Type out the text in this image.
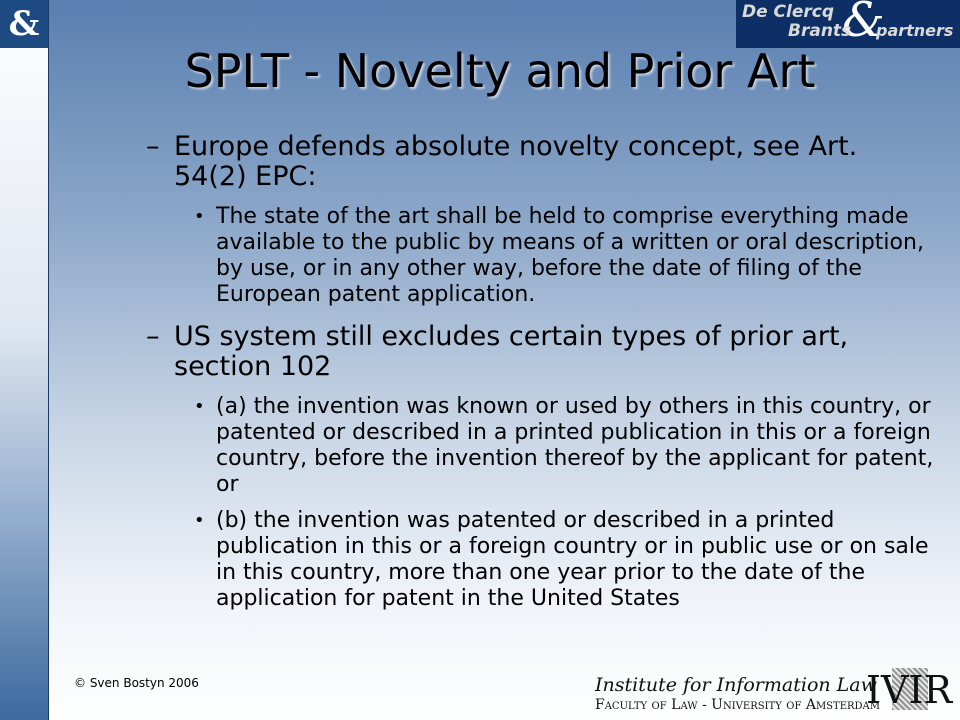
&	De Clercq &
Brants partners
SPLT - Novelty and Prior Art
– Europe defends absolute novelty concept, see Art. 54(2) EPC:
• The state of the art shall be held to comprise everything made available to the public by means of a written or oral description, by use, or in any other way, before the date of filing of the European patent application.
– US system still excludes certain types of prior art, section 102
• (a) the invention was known or used by others in this country, or patented or described in a printed publication in this or a foreign country, before the invention thereof by the applicant for patent, or
• (b) the invention was patented or described in a printed publication in this or a foreign country or in public use or on sale in this country, more than one year prior to the date of the application for patent in the United States
© Sven Bostyn 2006	Institute for Information Law
Faculty of Law - University of Amsterdam
IVIR
